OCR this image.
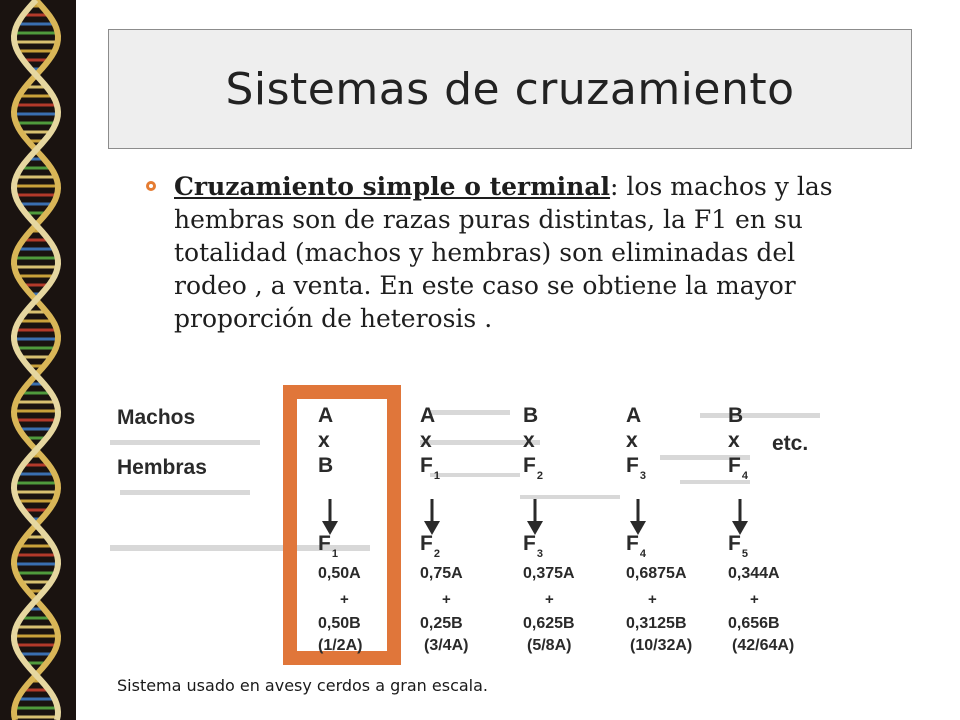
Sistemas de cruzamiento
Cruzamiento simple o terminal: los machos y las hembras son de razas puras distintas, la F1 en su totalidad (machos y hembras) son eliminadas del rodeo , a venta. En este caso se obtiene la mayor proporción de heterosis .
Machos
Hembras
etc.
A
x
B
$F_1$
0,50A
+
0,50B
(1/2A)
A
x
$F_1$
$F_2$
0,75A
+
0,25B
(3/4A)
B
x
$F_2$
$F_3$
0,375A
+
0,625B
(5/8A)
A
x
$F_3$
$F_4$
0,6875A
+
0,3125B
(10/32A)
B
x
$F_4$
$F_5$
0,344A
+
0,656B
(42/64A)
Sistema usado en avesy cerdos a gran escala.
